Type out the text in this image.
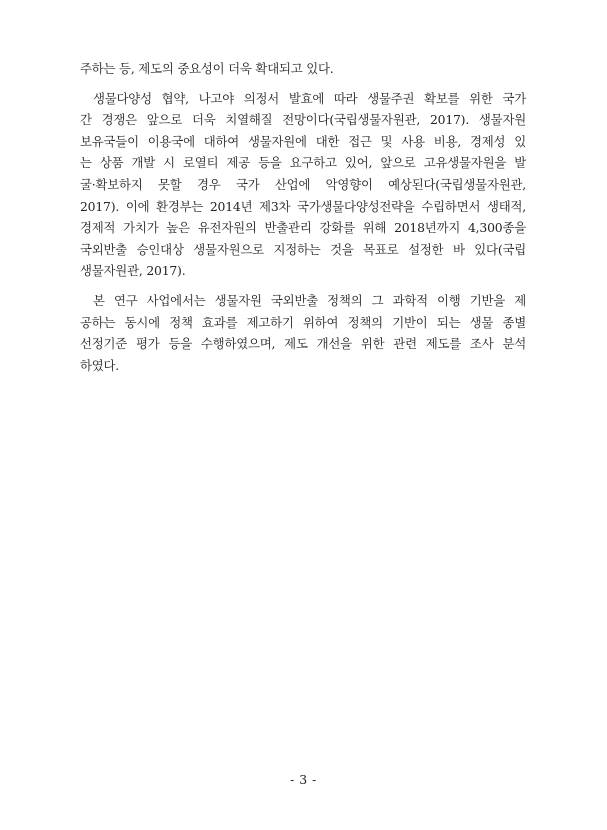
주하는 등, 제도의 중요성이 더욱 확대되고 있다.

생물다양성 협약, 나고야 의정서 발효에 따라 생물주권 확보를 위한 국가
간 경쟁은 앞으로 더욱 치열해질 전망이다(국립생물자원관, 2017). 생물자원
보유국들이 이용국에 대하여 생물자원에 대한 접근 및 사용 비용, 경제성 있
는 상품 개발 시 로열티 제공 등을 요구하고 있어, 앞으로 고유생물자원을 발
굴·확보하지 못할 경우 국가 산업에 악영향이 예상된다(국립생물자원관,
2017). 이에 환경부는 2014년 제3차 국가생물다양성전략을 수립하면서 생태적,
경제적 가치가 높은 유전자원의 반출관리 강화를 위해 2018년까지 4,300종을
국외반출 승인대상 생물자원으로 지정하는 것을 목표로 설정한 바 있다(국립
생물자원관, 2017).

본 연구 사업에서는 생물자원 국외반출 정책의 그 과학적 이행 기반을 제
공하는 동시에 정책 효과를 제고하기 위하여 정책의 기반이 되는 생물 종별
선정기준 평가 등을 수행하였으며, 제도 개선을 위한 관련 제도를 조사 분석
하였다.

- 3 -
